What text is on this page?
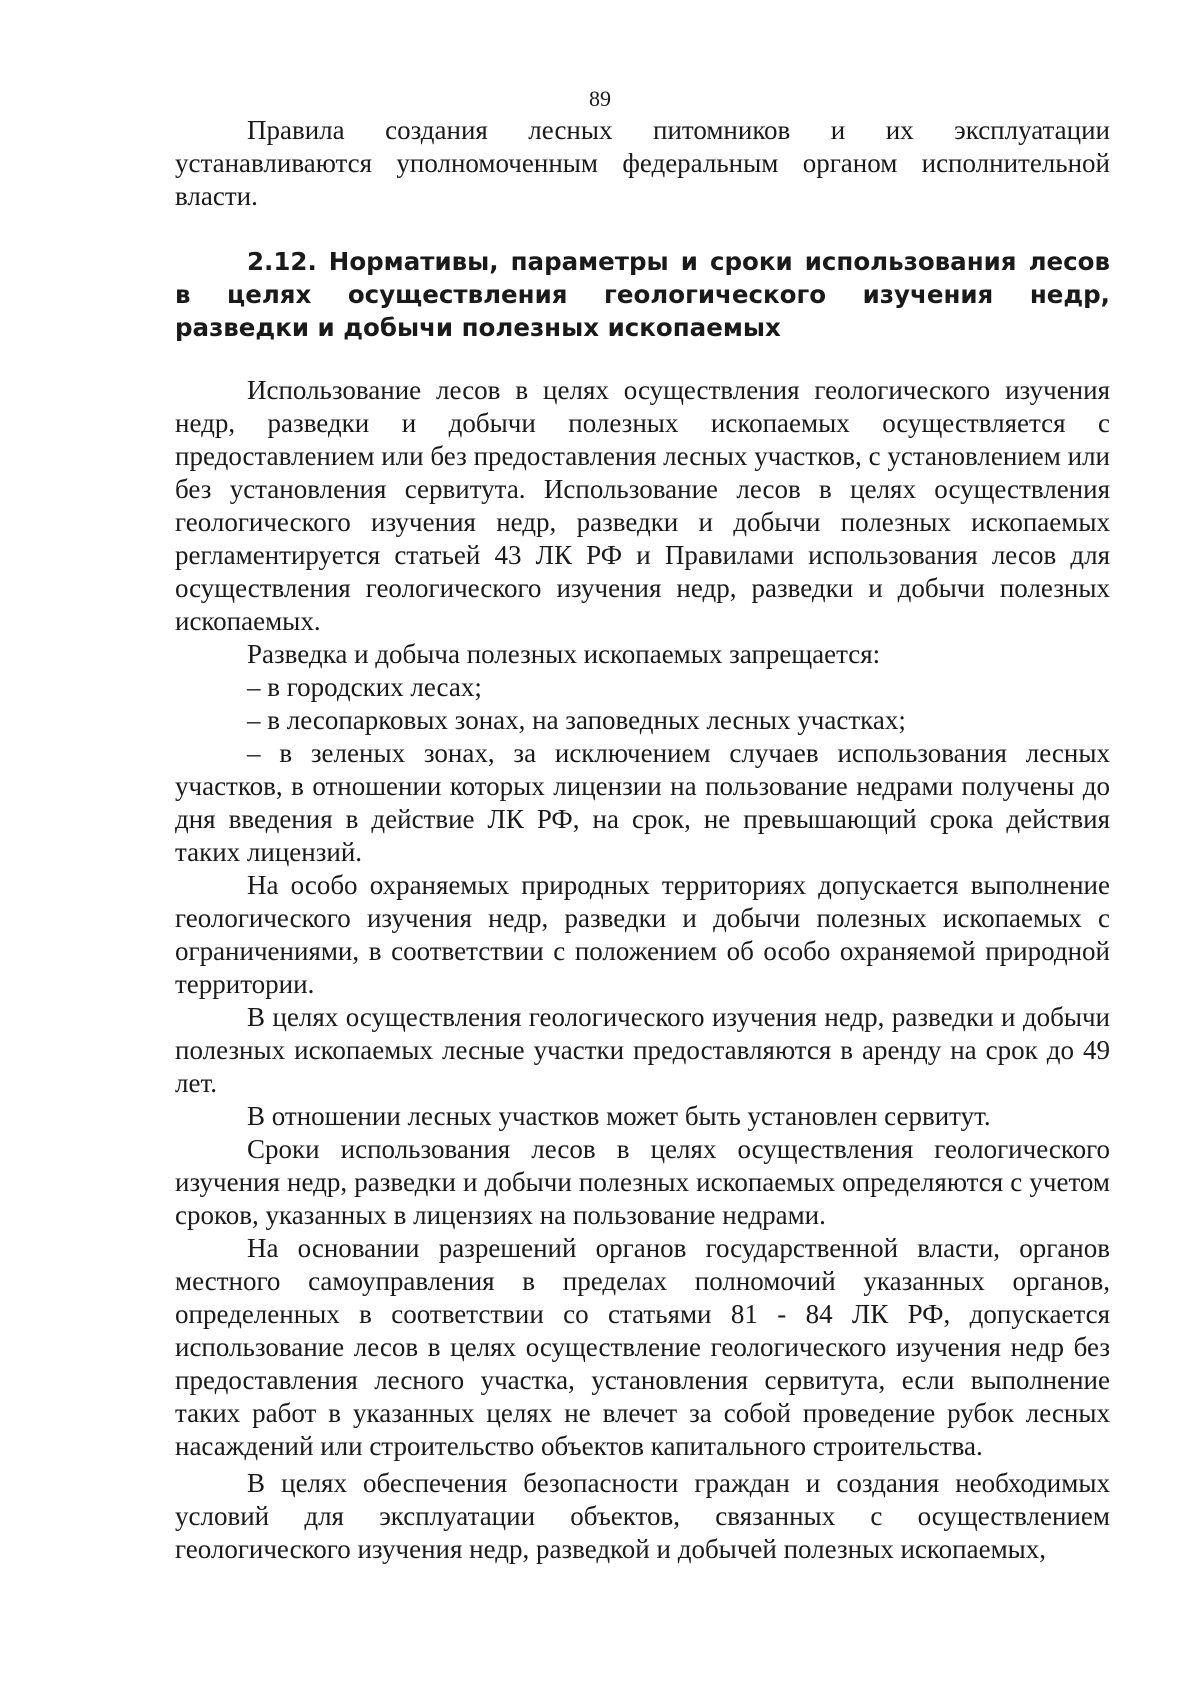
89

Правила создания лесных питомников и их эксплуатации устанавливаются уполномоченным федеральным органом исполнительной власти.

2.12. Нормативы, параметры и сроки использования лесов в целях осуществления геологического изучения недр, разведки и добычи полезных ископаемых

Использование лесов в целях осуществления геологического изучения недр, разведки и добычи полезных ископаемых осуществляется с предоставлением или без предоставления лесных участков, с установлением или без установления сервитута. Использование лесов в целях осуществления геологического изучения недр, разведки и добычи полезных ископаемых регламентируется статьей 43 ЛК РФ и Правилами использования лесов для осуществления геологического изучения недр, разведки и добычи полезных ископаемых.

Разведка и добыча полезных ископаемых запрещается:

– в городских лесах;

– в лесопарковых зонах, на заповедных лесных участках;

– в зеленых зонах, за исключением случаев использования лесных участков, в отношении которых лицензии на пользование недрами получены до дня введения в действие ЛК РФ, на срок, не превышающий срока действия таких лицензий.

На особо охраняемых природных территориях допускается выполнение геологического изучения недр, разведки и добычи полезных ископаемых с ограничениями, в соответствии с положением об особо охраняемой природной территории.

В целях осуществления геологического изучения недр, разведки и добычи полезных ископаемых лесные участки предоставляются в аренду на срок до 49 лет.

В отношении лесных участков может быть установлен сервитут.

Сроки использования лесов в целях осуществления геологического изучения недр, разведки и добычи полезных ископаемых определяются с учетом сроков, указанных в лицензиях на пользование недрами.

На основании разрешений органов государственной власти, органов местного самоуправления в пределах полномочий указанных органов, определенных в соответствии со статьями 81 - 84 ЛК РФ, допускается использование лесов в целях осуществление геологического изучения недр без предоставления лесного участка, установления сервитута, если выполнение таких работ в указанных целях не влечет за собой проведение рубок лесных насаждений или строительство объектов капитального строительства.

В целях обеспечения безопасности граждан и создания необходимых условий для эксплуатации объектов, связанных с осуществлением геологического изучения недр, разведкой и добычей полезных ископаемых,
